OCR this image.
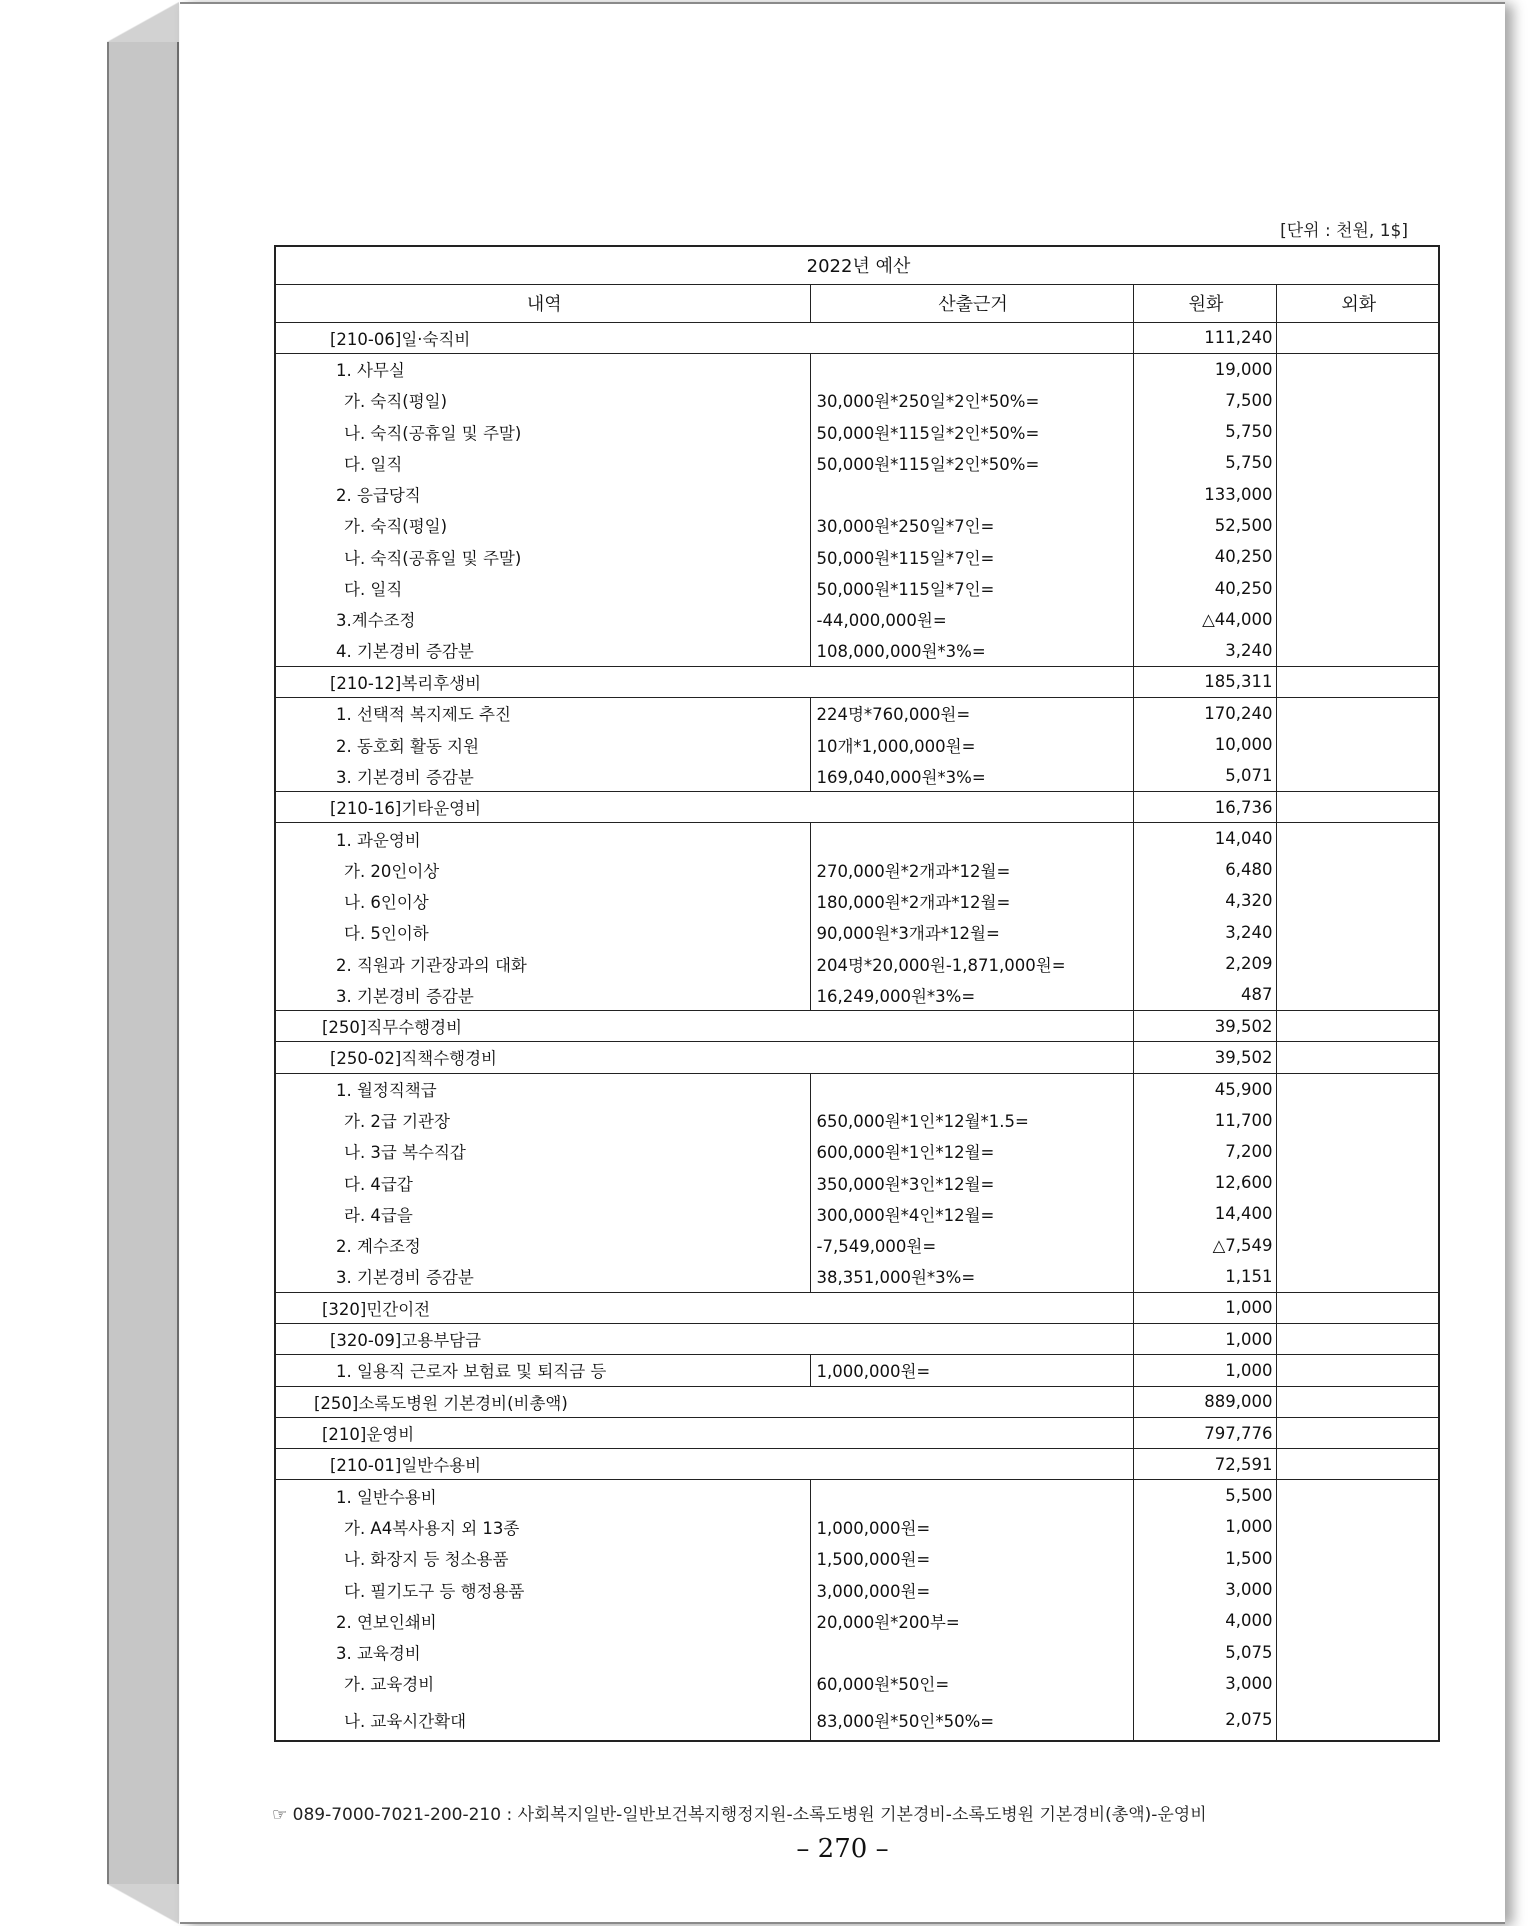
[단위 : 천원, 1$]
2022년 예산			
내역	산출근거	원화	외화
[210-06]일·숙직비		111,240	
1. 사무실		19,000	
가. 숙직(평일)	30,000원*250일*2인*50%=	7,500	
나. 숙직(공휴일 및 주말)	50,000원*115일*2인*50%=	5,750	
다. 일직	50,000원*115일*2인*50%=	5,750	
2. 응급당직		133,000	
가. 숙직(평일)	30,000원*250일*7인=	52,500	
나. 숙직(공휴일 및 주말)	50,000원*115일*7인=	40,250	
다. 일직	50,000원*115일*7인=	40,250	
3.계수조정	-44,000,000원=	△44,000	
4. 기본경비 증감분	108,000,000원*3%=	3,240	
[210-12]복리후생비		185,311	
1. 선택적 복지제도 추진	224명*760,000원=	170,240	
2. 동호회 활동 지원	10개*1,000,000원=	10,000	
3. 기본경비 증감분	169,040,000원*3%=	5,071	
[210-16]기타운영비		16,736	
1. 과운영비		14,040	
가. 20인이상	270,000원*2개과*12월=	6,480	
나. 6인이상	180,000원*2개과*12월=	4,320	
다. 5인이하	90,000원*3개과*12월=	3,240	
2. 직원과 기관장과의 대화	204명*20,000원-1,871,000원=	2,209	
3. 기본경비 증감분	16,249,000원*3%=	487	
[250]직무수행경비		39,502	
[250-02]직책수행경비		39,502	
1. 월정직책급		45,900	
가. 2급 기관장	650,000원*1인*12월*1.5=	11,700	
나. 3급 복수직갑	600,000원*1인*12월=	7,200	
다. 4급갑	350,000원*3인*12월=	12,600	
라. 4급을	300,000원*4인*12월=	14,400	
2. 계수조정	-7,549,000원=	△7,549	
3. 기본경비 증감분	38,351,000원*3%=	1,151	
[320]민간이전		1,000	
[320-09]고용부담금		1,000	
1. 일용직 근로자 보험료 및 퇴직금 등	1,000,000원=	1,000	
[250]소록도병원 기본경비(비총액)		889,000	
[210]운영비		797,776	
[210-01]일반수용비		72,591	
1. 일반수용비		5,500	
가. A4복사용지 외 13종	1,000,000원=	1,000	
나. 화장지 등 청소용품	1,500,000원=	1,500	
다. 필기도구 등 행정용품	3,000,000원=	3,000	
2. 연보인쇄비	20,000원*200부=	4,000	
3. 교육경비		5,075	
가. 교육경비	60,000원*50인=	3,000	
나. 교육시간확대	83,000원*50인*50%=	2,075	
☞ 089-7000-7021-200-210 : 사회복지일반-일반보건복지행정지원-소록도병원 기본경비-소록도병원 기본경비(총액)-운영비
– 270 –
